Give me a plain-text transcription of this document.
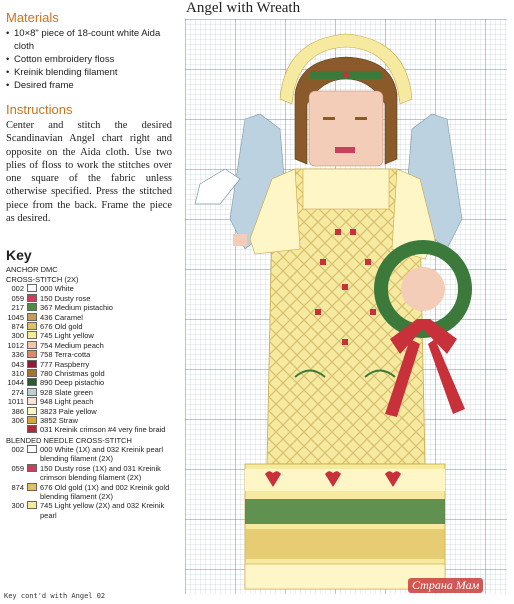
Angel with Wreath
Materials
• 10×8" piece of 18-count white Aida cloth
• Cotton embroidery floss
• Kreinik blending filament
• Desired frame
Instructions

Center and stitch the desired Scandinavian Angel chart right and opposite on the Aida cloth. Use two plies of floss to work the stitches over one square of the fabric unless otherwise specified. Press the stitched piece from the back. Frame the piece as desired.

Key
ANCHOR DMC
CROSS-STITCH (2X)
002	000 White
059	150 Dusty rose
217	367 Medium pistachio
1045	436 Caramel
874	676 Old gold
300	745 Light yellow
1012	754 Medium peach
336	758 Terra-cotta
043	777 Raspberry
310	780 Christmas gold
1044	890 Deep pistachio
274	928 Slate green
1011	948 Light peach
386	3823 Pale yellow
306	3852 Straw
031 Kreinik crimson #4 very fine braid
BLENDED NEEDLE CROSS-STITCH
002	000 White (1X) and 032 Kreinik pearl blending filament (2X)
059	150 Dusty rose (1X) and 031 Kreinik crimson blending filament (2X)
874	676 Old gold (1X) and 002 Kreinik gold blending filament (2X)
300	745 Light yellow (2X) and 032 Kreinik pearl
Key cont'd with Angel 02
Страна Мам
